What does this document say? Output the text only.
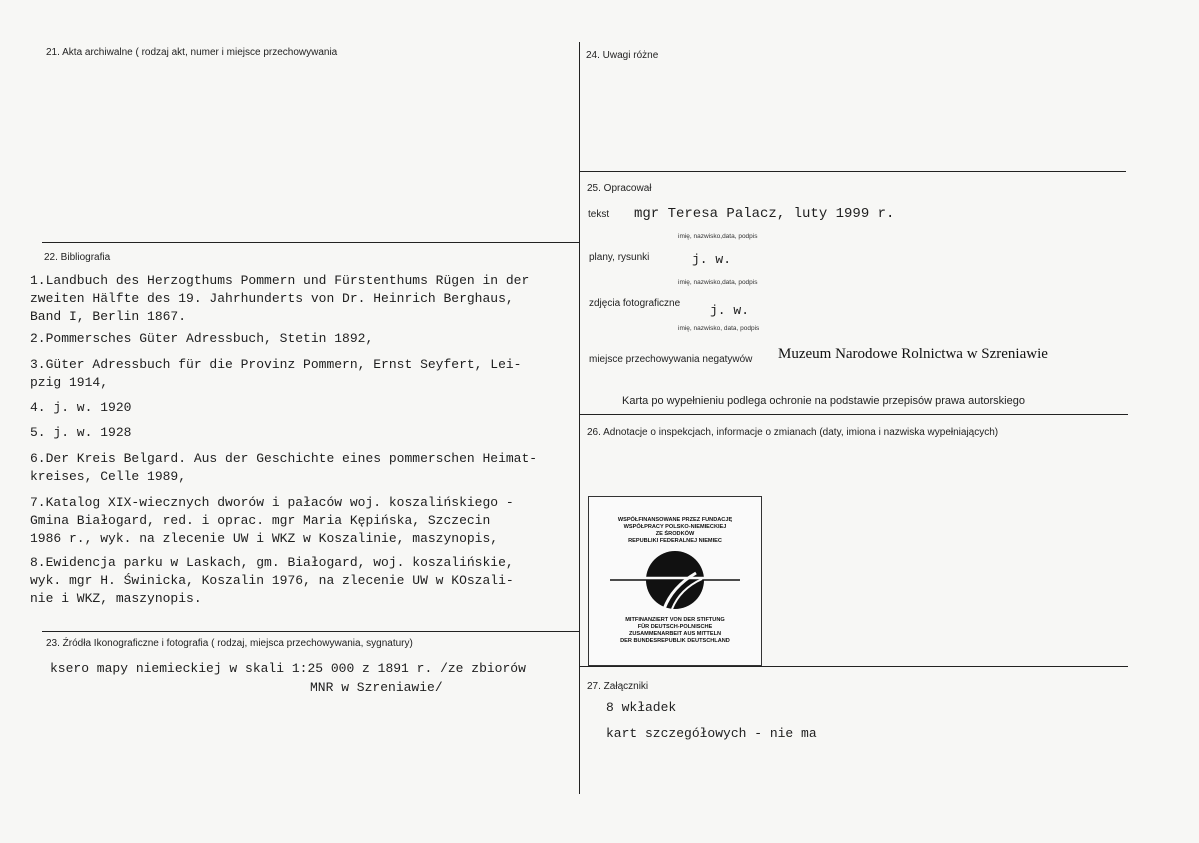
21. Akta archiwalne ( rodzaj akt, numer i miejsce przechowywania
22. Bibliografia
1.Landbuch des Herzogthums Pommern und Fürstenthums Rügen in der
zweiten Hälfte des 19. Jahrhunderts von Dr. Heinrich Berghaus,
Band I, Berlin 1867.
2.Pommersches Güter Adressbuch, Stetin 1892,
3.Güter Adressbuch für die Provinz Pommern, Ernst Seyfert, Lei-
pzig 1914,
4. j. w. 1920
5. j. w. 1928
6.Der Kreis Belgard. Aus der Geschichte eines pommerschen Heimat-
kreises, Celle 1989,
7.Katalog XIX-wiecznych dworów i pałaców woj. koszalińskiego -
Gmina Białogard, red. i oprac. mgr Maria Kępińska, Szczecin
1986 r., wyk. na zlecenie UW i WKZ w Koszalinie, maszynopis,
8.Ewidencja parku w Laskach, gm. Białogard, woj. koszalińskie,
wyk. mgr H. Świnicka, Koszalin 1976, na zlecenie UW w KOszali-
nie i WKZ, maszynopis.
23. Źródła Ikonograficzne i fotografia ( rodzaj, miejsca przechowywania, sygnatury)
ksero mapy niemieckiej w skali 1:25 000 z 1891 r. /ze zbiorów
MNR w Szreniawie/
24. Uwagi różne
25. Opracował
tekst mgr Teresa Palacz, luty 1999 r.
imię, nazwisko,data, podpis
plany, rysunki	j. w.
imię, nazwisko,data, podpis
zdjęcia fotograficzne j. w.
imię, nazwisko, data, podpis
miejsce przechowywania negatywów Muzeum Narodowe Rolnictwa w Szreniawie
Karta po wypełnieniu podlega ochronie na podstawie przepisów prawa autorskiego
26. Adnotacje o inspekcjach, informacje o zmianach (daty, imiona i nazwiska wypełniających)
WSPÓŁFINANSOWANE PRZEZ FUNDACJĘ
WSPÓŁPRACY POLSKO-NIEMIECKIEJ
ZE ŚRODKÓW
REPUBLIKI FEDERALNEJ NIEMIEC
MITFINANZIERT VON DER STIFTUNG
FÜR DEUTSCH-POLNISCHE
ZUSAMMENARBEIT AUS MITTELN
DER BUNDESREPUBLIK DEUTSCHLAND
27. Załączniki
8 wkładek
kart szczegółowych - nie ma
